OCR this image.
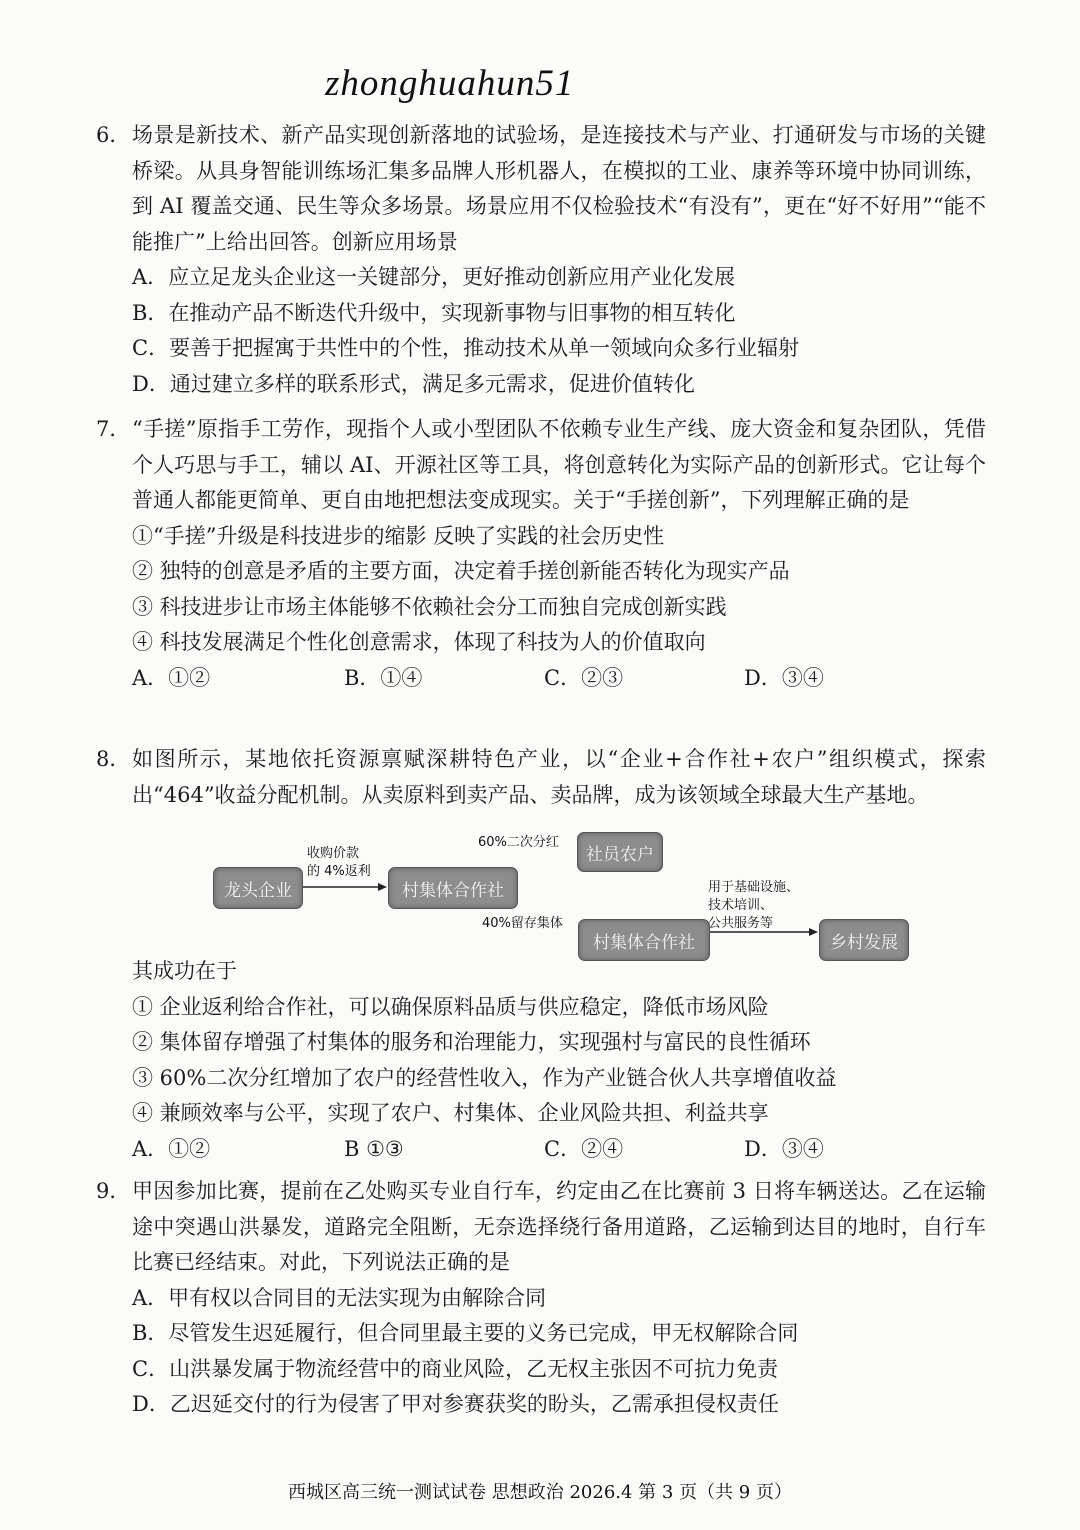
zhonghuahun51
6． 场景是新技术、新产品实现创新落地的试验场，是连接技术与产业、打通研发与市场的关键桥梁。从具身智能训练场汇集多品牌人形机器人，在模拟的工业、康养等环境中协同训练，到 AI 覆盖交通、民生等众多场景。场景应用不仅检验技术“有没有”，更在“好不好用”“能不能推广”上给出回答。创新应用场景
A．应立足龙头企业这一关键部分，更好推动创新应用产业化发展
B．在推动产品不断迭代升级中，实现新事物与旧事物的相互转化
C．要善于把握寓于共性中的个性，推动技术从单一领域向众多行业辐射
D．通过建立多样的联系形式，满足多元需求，促进价值转化
7． “手搓”原指手工劳作，现指个人或小型团队不依赖专业生产线、庞大资金和复杂团队，凭借个人巧思与手工，辅以 AI、开源社区等工具，将创意转化为实际产品的创新形式。它让每个普通人都能更简单、更自由地把想法变成现实。关于“手搓创新”，下列理解正确的是
①“手搓”升级是科技进步的缩影 反映了实践的社会历史性
② 独特的创意是矛盾的主要方面，决定着手搓创新能否转化为现实产品
③ 科技进步让市场主体能够不依赖社会分工而独自完成创新实践
④ 科技发展满足个性化创意需求，体现了科技为人的价值取向
A．①②	B．①④	C．②③	D．③④
8． 如图所示，某地依托资源禀赋深耕特色产业，以“企业+合作社+农户”组织模式，探索出“464”收益分配机制。从卖原料到卖产品、卖品牌，成为该领域全球最大生产基地。
龙头企业
收购价款
的 4%返利
村集体合作社
60%二次分红
社员农户
40%留存集体
村集体合作社
用于基础设施、
技术培训、
公共服务等
乡村发展
其成功在于
① 企业返利给合作社，可以确保原料品质与供应稳定，降低市场风险
② 集体留存增强了村集体的服务和治理能力，实现强村与富民的良性循环
③ 60%二次分红增加了农户的经营性收入，作为产业链合伙人共享增值收益
④ 兼顾效率与公平，实现了农户、村集体、企业风险共担、利益共享
A．①②	B ①③	C．②④	D．③④
9． 甲因参加比赛，提前在乙处购买专业自行车，约定由乙在比赛前 3 日将车辆送达。乙在运输途中突遇山洪暴发，道路完全阻断，无奈选择绕行备用道路，乙运输到达目的地时，自行车比赛已经结束。对此，下列说法正确的是
A．甲有权以合同目的无法实现为由解除合同
B．尽管发生迟延履行，但合同里最主要的义务已完成，甲无权解除合同
C．山洪暴发属于物流经营中的商业风险，乙无权主张因不可抗力免责
D．乙迟延交付的行为侵害了甲对参赛获奖的盼头，乙需承担侵权责任
西城区高三统一测试试卷 思想政治 2026.4 第 3 页（共 9 页）
